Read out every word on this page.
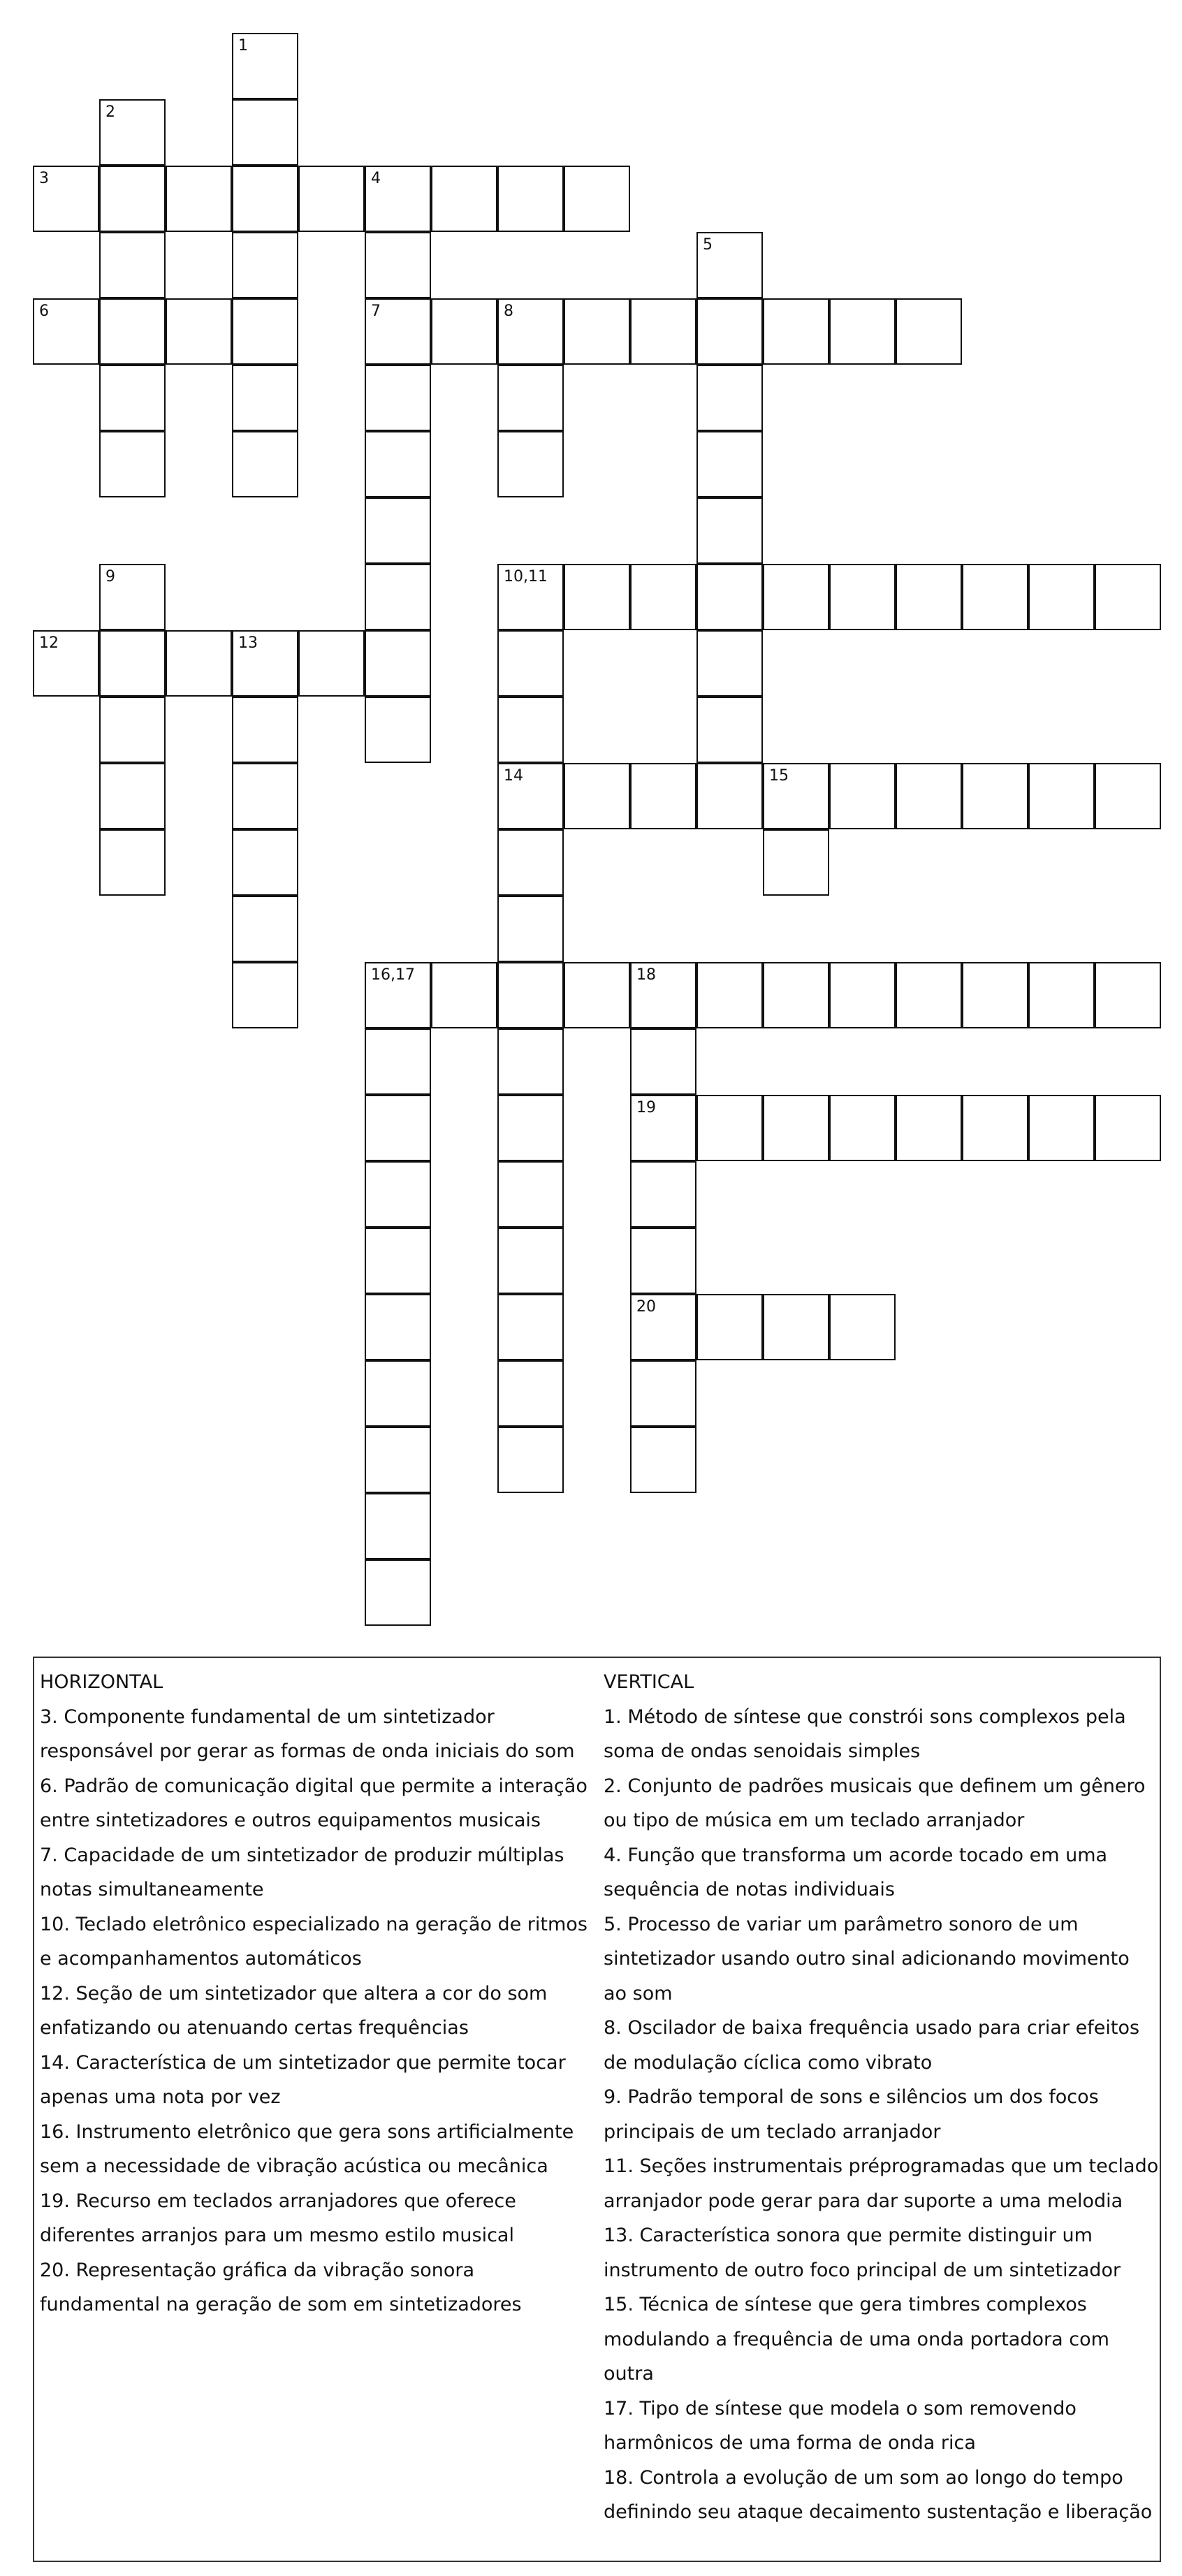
1
2
3	4
5
6	7	8
9	10,11
12	13
14	15
16,17	18
19
20
HORIZONTAL
3. Componente fundamental de um sintetizador
responsável por gerar as formas de onda iniciais do som
6. Padrão de comunicação digital que permite a interação
entre sintetizadores e outros equipamentos musicais
7. Capacidade de um sintetizador de produzir múltiplas
notas simultaneamente
10. Teclado eletrônico especializado na geração de ritmos
e acompanhamentos automáticos
12. Seção de um sintetizador que altera a cor do som
enfatizando ou atenuando certas frequências
14. Característica de um sintetizador que permite tocar
apenas uma nota por vez
16. Instrumento eletrônico que gera sons artificialmente
sem a necessidade de vibração acústica ou mecânica
19. Recurso em teclados arranjadores que oferece
diferentes arranjos para um mesmo estilo musical
20. Representação gráfica da vibração sonora
fundamental na geração de som em sintetizadores
VERTICAL
1. Método de síntese que constrói sons complexos pela
soma de ondas senoidais simples
2. Conjunto de padrões musicais que definem um gênero
ou tipo de música em um teclado arranjador
4. Função que transforma um acorde tocado em uma
sequência de notas individuais
5. Processo de variar um parâmetro sonoro de um
sintetizador usando outro sinal adicionando movimento
ao som
8. Oscilador de baixa frequência usado para criar efeitos
de modulação cíclica como vibrato
9. Padrão temporal de sons e silêncios um dos focos
principais de um teclado arranjador
11. Seções instrumentais préprogramadas que um teclado
arranjador pode gerar para dar suporte a uma melodia
13. Característica sonora que permite distinguir um
instrumento de outro foco principal de um sintetizador
15. Técnica de síntese que gera timbres complexos
modulando a frequência de uma onda portadora com
outra
17. Tipo de síntese que modela o som removendo
harmônicos de uma forma de onda rica
18. Controla a evolução de um som ao longo do tempo
definindo seu ataque decaimento sustentação e liberação
